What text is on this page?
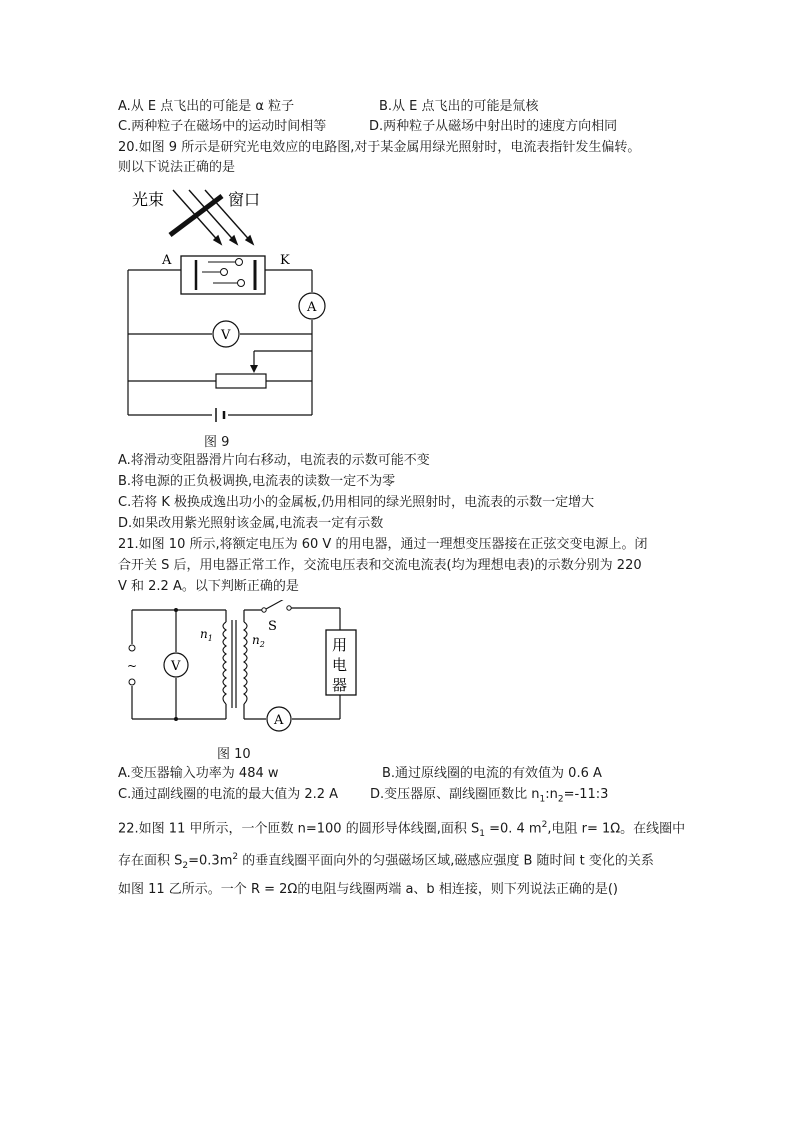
A.从 E 点飞出的可能是 α 粒子	B.从 E 点飞出的可能是氚核
C.两种粒子在磁场中的运动时间相等	D.两种粒子从磁场中射出时的速度方向相同
20.如图 9 所示是研究光电效应的电路图,对于某金属用绿光照射时，电流表指针发生偏转。
则以下说法正确的是
光束	窗口
A	K
A
V
图 9
A.将滑动变阻器滑片向右移动，电流表的示数可能不变
B.将电源的正负极调换,电流表的读数一定不为零
C.若将 K 极换成逸出功小的金属板,仍用相同的绿光照射时，电流表的示数一定增大
D.如果改用紫光照射该金属,电流表一定有示数
21.如图 10 所示,将额定电压为 60 V 的用电器，通过一理想变压器接在正弦交变电源上。闭
合开关 S 后，用电器正常工作，交流电压表和交流电流表(均为理想电表)的示数分别为 220
V 和 2.2 A。以下判断正确的是
$n_1$	$n_2$
S
~	V
A
用
电
器
图 10
A.变压器输入功率为 484 w	B.通过原线圈的电流的有效值为 0.6 A
C.通过副线圈的电流的最大值为 2.2 A D.变压器原、副线圈匝数比 $n_1:n_2=-11:3$
22.如图 11 甲所示，一个匝数 n=100 的圆形导体线圈,面积 $S_1 =0$. 4 $m^2$,电阻 r= 1Ω。在线圈中
存在面积 $S_2=0.3m^2$ 的垂直线圈平面向外的匀强磁场区域,磁感应强度 B 随时间 t 变化的关系
如图 11 乙所示。一个 R = 2Ω的电阻与线圈两端 a、b 相连接，则下列说法正确的是()
